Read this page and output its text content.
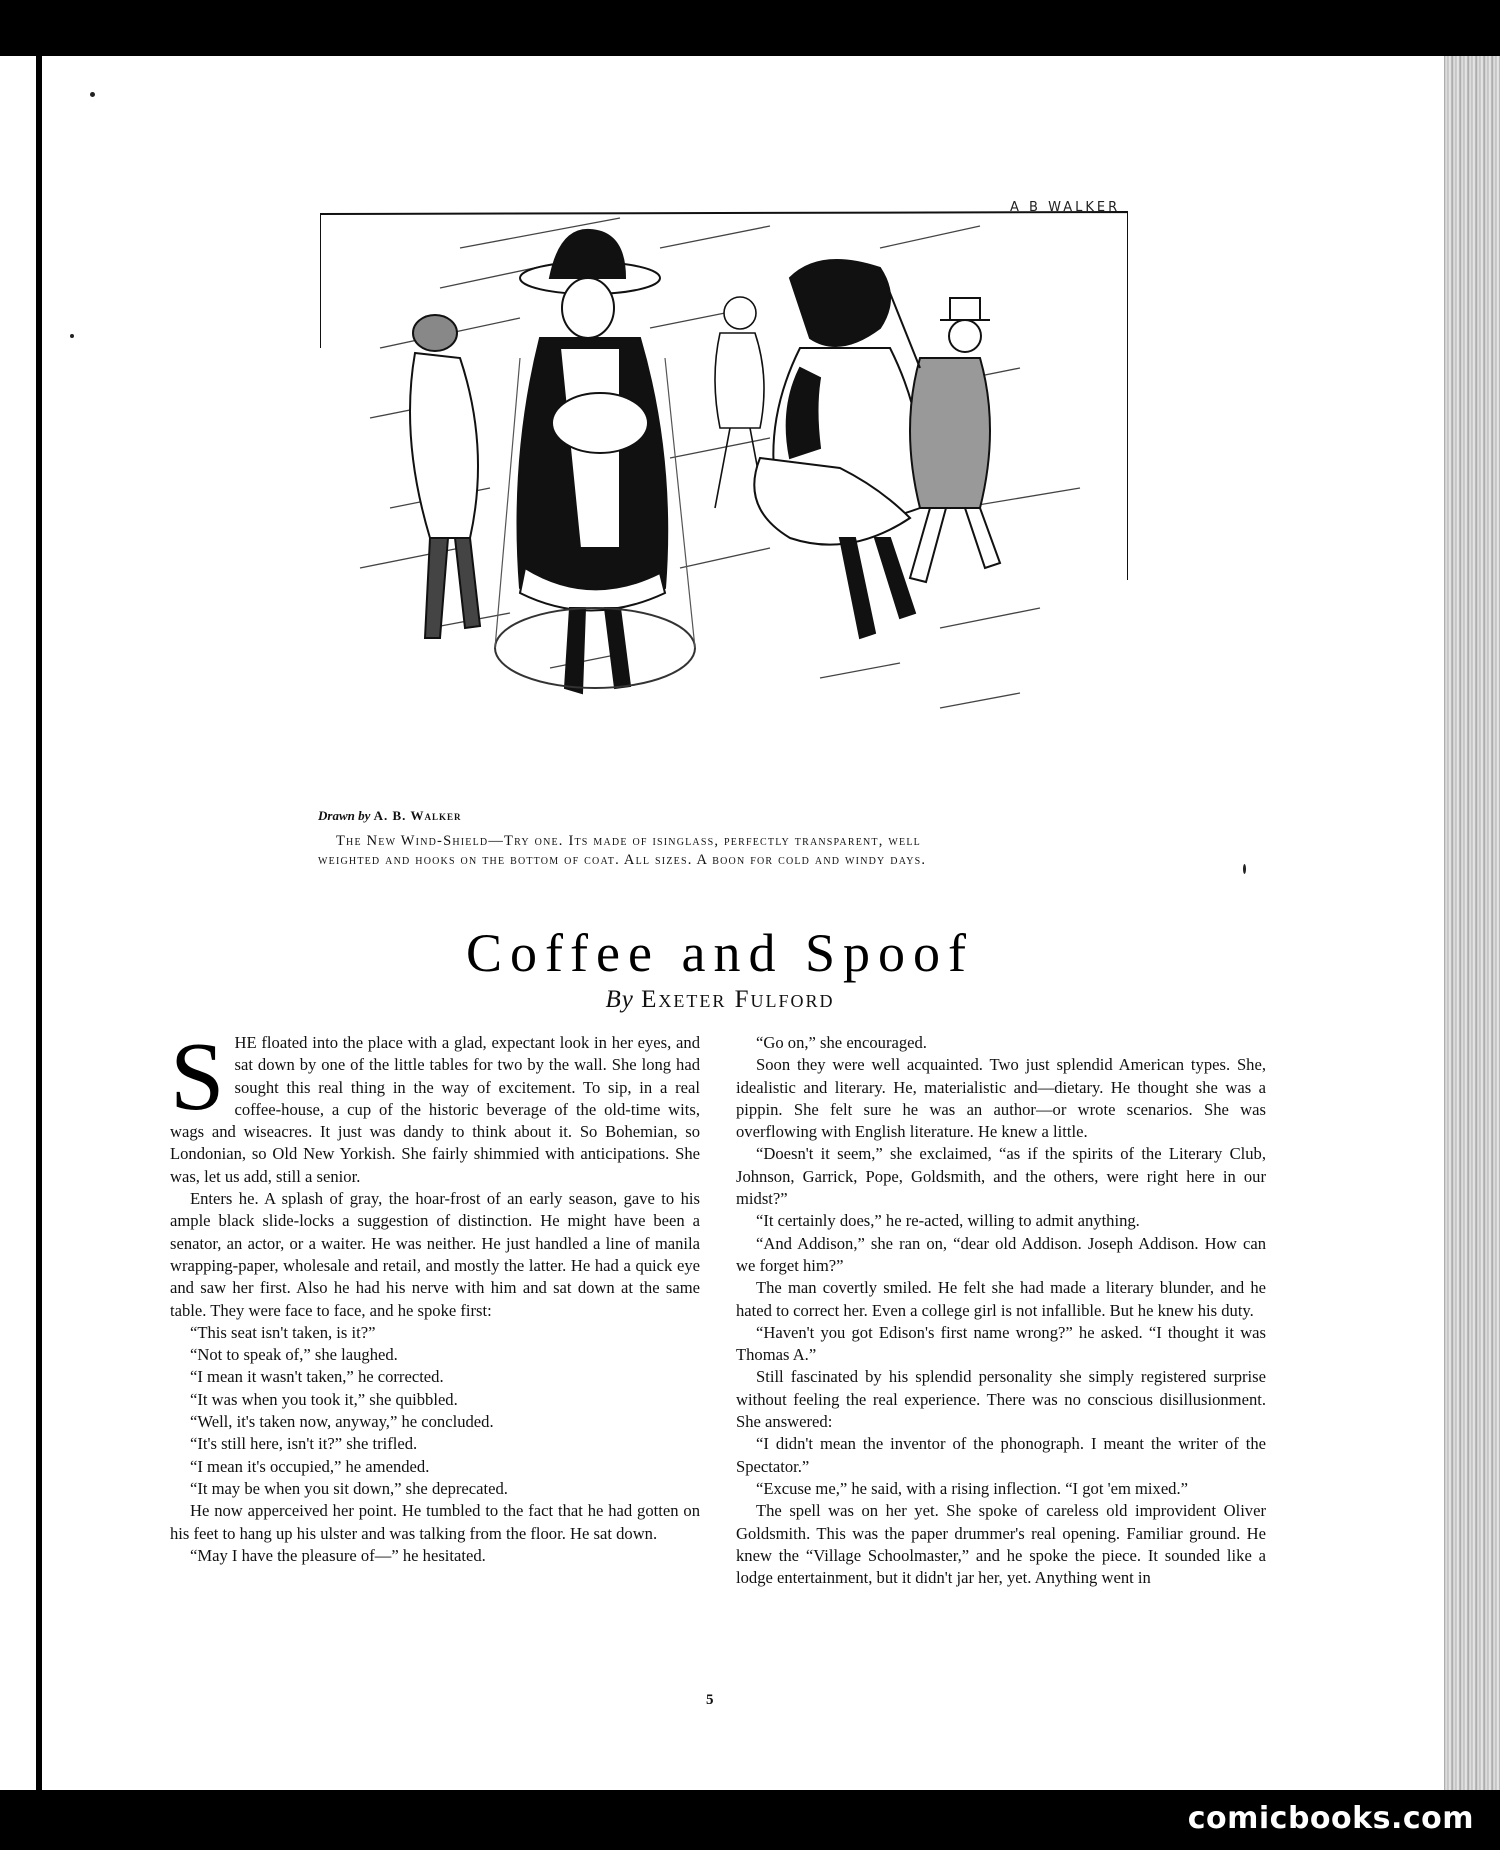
comicbooks.com
A B WALKER
Drawn by A. B. Walker
The New Wind-Shield—Try one. Its made of isinglass, perfectly transparent, well
weighted and hooks on the bottom of coat. All sizes. A boon for cold and windy days.
Coffee and Spoof
By Exeter Fulford
S HE floated into the place with a glad, expectant look in her eyes, and sat down by one of the little tables for two by the wall. She long had sought this real thing in the way of excitement. To sip, in a real coffee-house, a cup of the historic beverage of the old-time wits, wags and wiseacres. It just was dandy to think about it. So Bohemian, so Londonian, so Old New Yorkish. She fairly shimmied with anticipations. She was, let us add, still a senior.

Enters he. A splash of gray, the hoar-frost of an early season, gave to his ample black slide-locks a suggestion of distinction. He might have been a senator, an actor, or a waiter. He was neither. He just handled a line of manila wrapping-paper, wholesale and retail, and mostly the latter. He had a quick eye and saw her first. Also he had his nerve with him and sat down at the same table. They were face to face, and he spoke first:

“This seat isn't taken, is it?”

“Not to speak of,” she laughed.

“I mean it wasn't taken,” he corrected.

“It was when you took it,” she quibbled.

“Well, it's taken now, anyway,” he concluded.

“It's still here, isn't it?” she trifled.

“I mean it's occupied,” he amended.

“It may be when you sit down,” she deprecated.

He now apperceived her point. He tumbled to the fact that he had gotten on his feet to hang up his ulster and was talking from the floor. He sat down.

“May I have the pleasure of—” he hesitated.

“Go on,” she encouraged.

Soon they were well acquainted. Two just splendid American types. She, idealistic and literary. He, materialistic and—dietary. He thought she was a pippin. She felt sure he was an author—or wrote scenarios. She was overflowing with English literature. He knew a little.

“Doesn't it seem,” she exclaimed, “as if the spirits of the Literary Club, Johnson, Garrick, Pope, Goldsmith, and the others, were right here in our midst?”

“It certainly does,” he re-acted, willing to admit anything.

“And Addison,” she ran on, “dear old Addison. Joseph Addison. How can we forget him?”

The man covertly smiled. He felt she had made a literary blunder, and he hated to correct her. Even a college girl is not infallible. But he knew his duty.

“Haven't you got Edison's first name wrong?” he asked. “I thought it was Thomas A.”

Still fascinated by his splendid personality she simply registered surprise without feeling the real experience. There was no conscious disillusionment. She answered:

“I didn't mean the inventor of the phonograph. I meant the writer of the Spectator.”

“Excuse me,” he said, with a rising inflection. “I got 'em mixed.”

The spell was on her yet. She spoke of careless old improvident Oliver Goldsmith. This was the paper drummer's real opening. Familiar ground. He knew the “Village Schoolmaster,” and he spoke the piece. It sounded like a lodge entertainment, but it didn't jar her, yet. Anything went in

5
